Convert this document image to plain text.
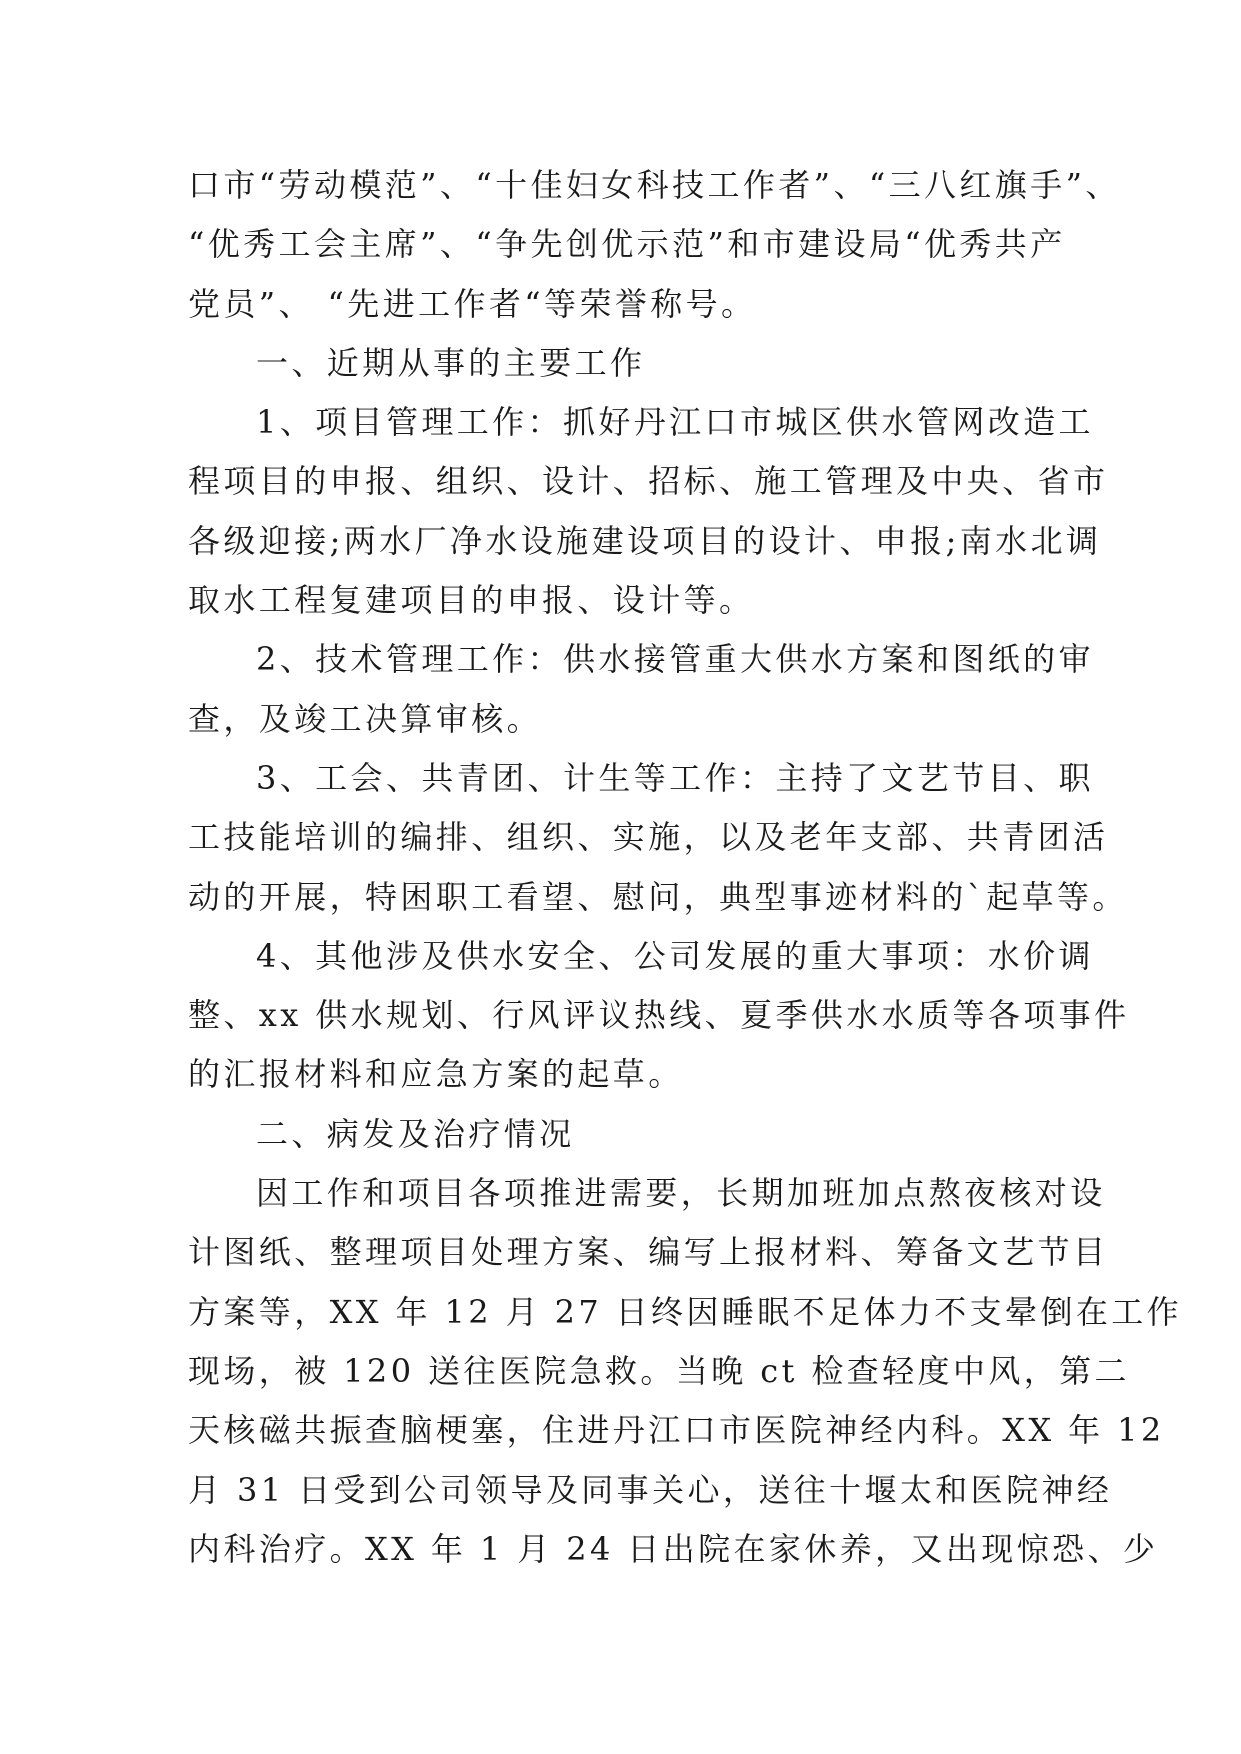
口市“劳动模范”、“十佳妇女科技工作者”、“三八红旗手”、
“优秀工会主席”、“争先创优示范”和市建设局“优秀共产
党员”、 “先进工作者“等荣誉称号。
一、近期从事的主要工作
1、项目管理工作：抓好丹江口市城区供水管网改造工
程项目的申报、组织、设计、招标、施工管理及中央、省市
各级迎接;两水厂净水设施建设项目的设计、申报;南水北调
取水工程复建项目的申报、设计等。
2、技术管理工作：供水接管重大供水方案和图纸的审
查，及竣工决算审核。
3、工会、共青团、计生等工作：主持了文艺节目、职
工技能培训的编排、组织、实施，以及老年支部、共青团活
动的开展，特困职工看望、慰问，典型事迹材料的`起草等。
4、其他涉及供水安全、公司发展的重大事项：水价调
整、xx 供水规划、行风评议热线、夏季供水水质等各项事件
的汇报材料和应急方案的起草。
二、病发及治疗情况
因工作和项目各项推进需要，长期加班加点熬夜核对设
计图纸、整理项目处理方案、编写上报材料、筹备文艺节目
方案等，XX 年 12 月 27 日终因睡眠不足体力不支晕倒在工作
现场，被 120 送往医院急救。当晚 ct 检查轻度中风，第二
天核磁共振查脑梗塞，住进丹江口市医院神经内科。XX 年 12
月 31 日受到公司领导及同事关心，送往十堰太和医院神经
内科治疗。XX 年 1 月 24 日出院在家休养，又出现惊恐、少
